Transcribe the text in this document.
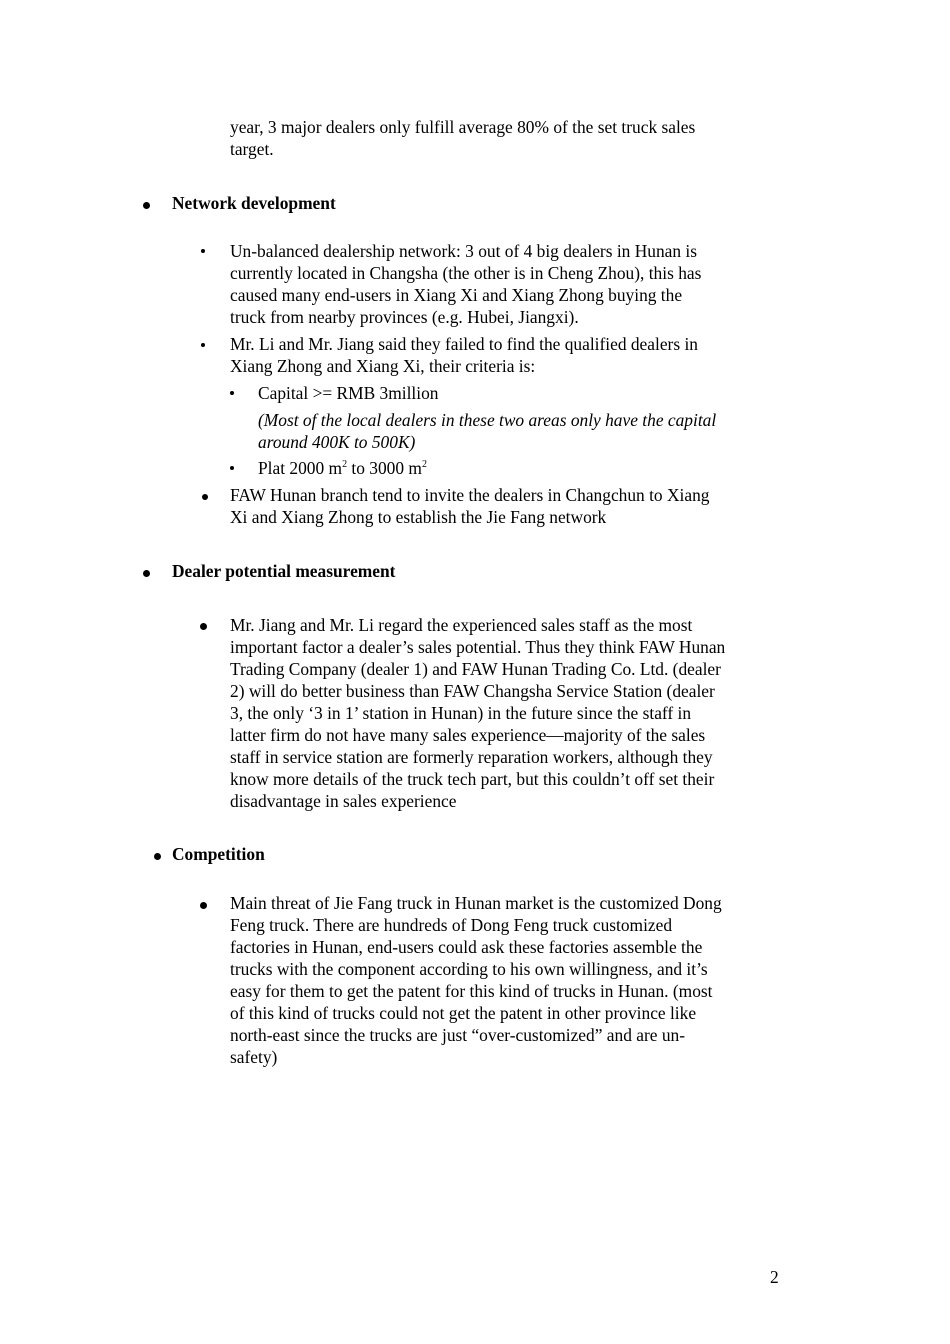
year, 3 major dealers only fulfill average 80% of the set truck sales
target.
Network development
Un-balanced dealership network: 3 out of 4 big dealers in Hunan is
currently located in Changsha (the other is in Cheng Zhou), this has
caused many end-users in Xiang Xi and Xiang Zhong buying the
truck from nearby provinces (e.g. Hubei, Jiangxi).
Mr. Li and Mr. Jiang said they failed to find the qualified dealers in
Xiang Zhong and Xiang Xi, their criteria is:
Capital >= RMB 3million
(Most of the local dealers in these two areas only have the capital
around 400K to 500K)
Plat 2000 $m^2$ to 3000 $m^2$
FAW Hunan branch tend to invite the dealers in Changchun to Xiang
Xi and Xiang Zhong to establish the Jie Fang network
Dealer potential measurement
Mr. Jiang and Mr. Li regard the experienced sales staff as the most
important factor a dealer’s sales potential. Thus they think FAW Hunan
Trading Company (dealer 1) and FAW Hunan Trading Co. Ltd. (dealer
2) will do better business than FAW Changsha Service Station (dealer
3, the only ‘3 in 1’ station in Hunan) in the future since the staff in
latter firm do not have many sales experience—majority of the sales
staff in service station are formerly reparation workers, although they
know more details of the truck tech part, but this couldn’t off set their
disadvantage in sales experience
Competition
Main threat of Jie Fang truck in Hunan market is the customized Dong
Feng truck. There are hundreds of Dong Feng truck customized
factories in Hunan, end-users could ask these factories assemble the
trucks with the component according to his own willingness, and it’s
easy for them to get the patent for this kind of trucks in Hunan. (most
of this kind of trucks could not get the patent in other province like
north-east since the trucks are just “over-customized” and are un-
safety)
2
